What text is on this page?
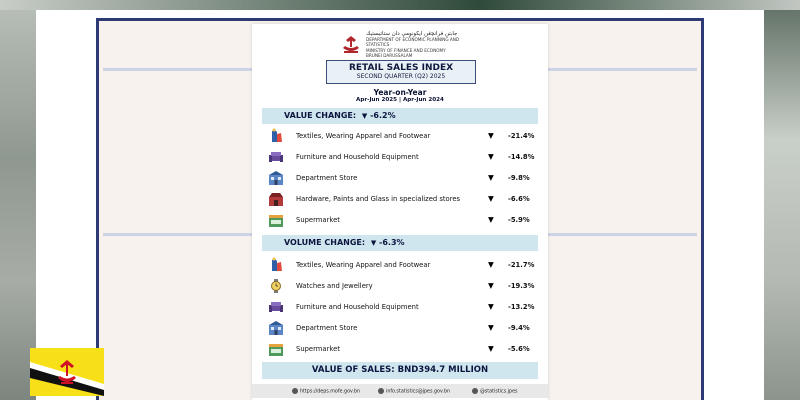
جابتن فرانچڠن ايكونومي دان ستاتيستيك
DEPARTMENT OF ECONOMIC PLANNING AND STATISTICS
MINISTRY OF FINANCE AND ECONOMY
BRUNEI DARUSSALAM
RETAIL SALES INDEX
SECOND QUARTER (Q2) 2025
Year-on-Year
Apr-Jun 2025 | Apr-Jun 2024
VALUE CHANGE: ▼ -6.2%
Textiles, Wearing Apparel and Footwear	▼ -21.4%
Furniture and Household Equipment	▼ -14.8%
Department Store	▼ -9.8%
Hardware, Paints and Glass in specialized stores	▼ -6.6%
Supermarket	▼ -5.9%
VOLUME CHANGE: ▼ -6.3%
Textiles, Wearing Apparel and Footwear	▼ -21.7%
Watches and Jewellery	▼ -19.3%
Furniture and Household Equipment	▼ -13.2%
Department Store	▼ -9.4%
Supermarket	▼ -5.6%
VALUE OF SALES: BND394.7 MILLION
https://deps.mofe.gov.bn	info.statistics@jpes.gov.bn	@statistics.jpes
